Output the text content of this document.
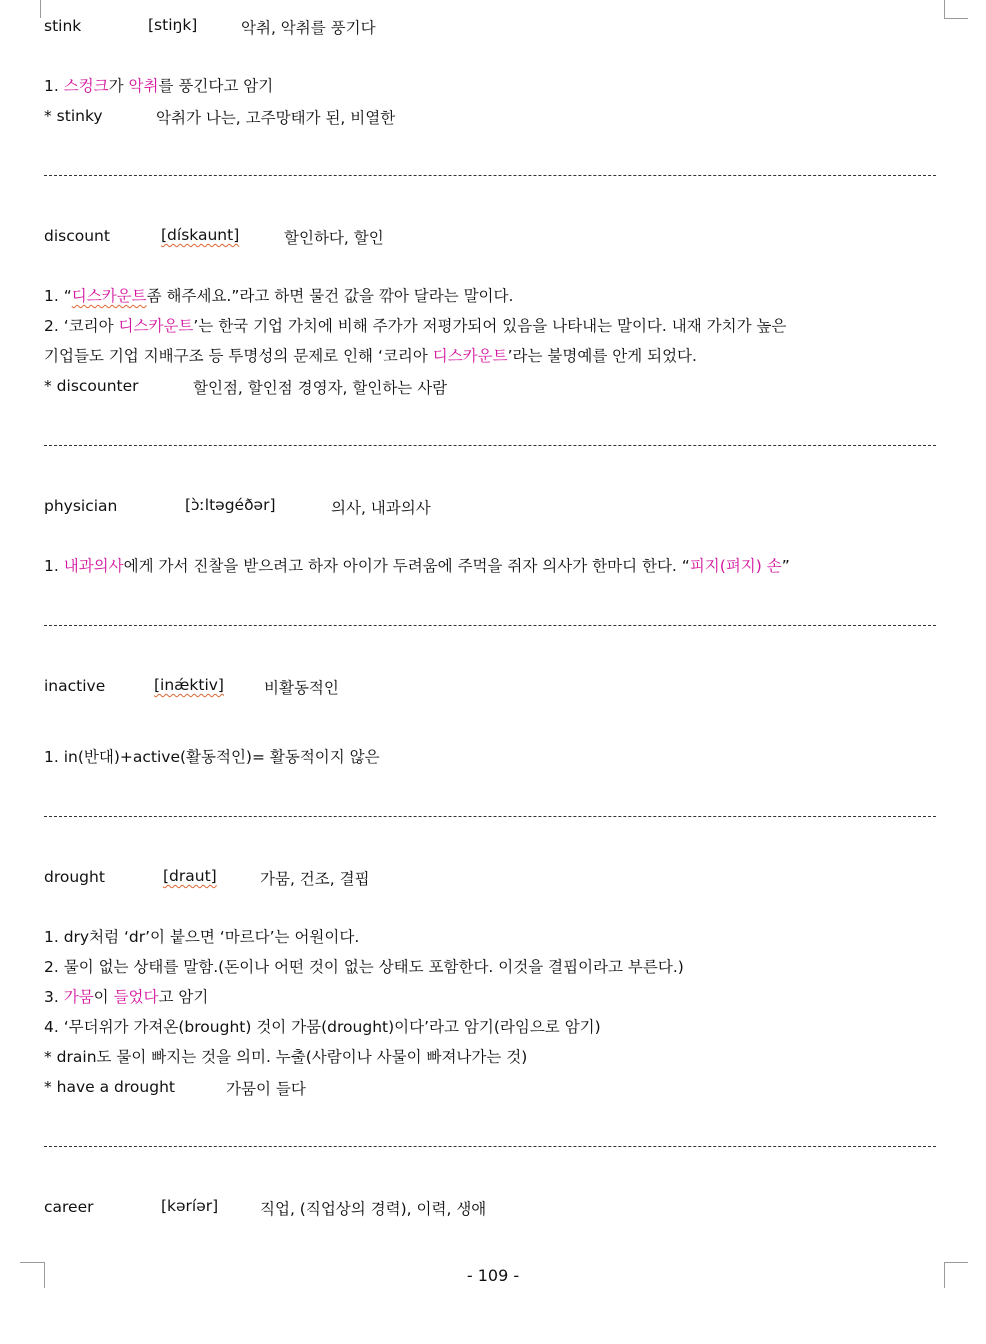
stink	[stiŋk]	악취, 악취를 풍기다
1. 스컹크가 악취를 풍긴다고 암기
* stinky	악취가 나는, 고주망태가 된, 비열한
discount	[dískaunt]	할인하다, 할인
1. “디스카운트좀 해주세요.”라고 하면 물건 값을 깎아 달라는 말이다.
2. ‘코리아 디스카운트’는 한국 기업 가치에 비해 주가가 저평가되어 있음을 나타내는 말이다. 내재 가치가 높은
기업들도 기업 지배구조 등 투명성의 문제로 인해 ‘코리아 디스카운트’라는 불명예를 안게 되었다.
* discounter	할인점, 할인점 경영자, 할인하는 사람
physician	[ɔ̀ːltəgéðər]	의사, 내과의사
1. 내과의사에게 가서 진찰을 받으려고 하자 아이가 두려움에 주먹을 쥐자 의사가 한마디 한다. “피지(펴지) 손”
inactive	[inǽktiv]	비활동적인
1. in(반대)+active(활동적인)= 활동적이지 않은
drought	[draut]	가뭄, 건조, 결핍
1. dry처럼 ‘dr’이 붙으면 ‘마르다’는 어원이다.
2. 물이 없는 상태를 말함.(돈이나 어떤 것이 없는 상태도 포함한다. 이것을 결핍이라고 부른다.)
3. 가뭄이 들었다고 암기
4. ‘무더위가 가져온(brought) 것이 가뭄(drought)이다’라고 암기(라임으로 암기)
* drain도 물이 빠지는 것을 의미. 누출(사람이나 사물이 빠져나가는 것)
* have a drought	가뭄이 들다
career	[kəríər]	직업, (직업상의 경력), 이력, 생애
- 109 -
